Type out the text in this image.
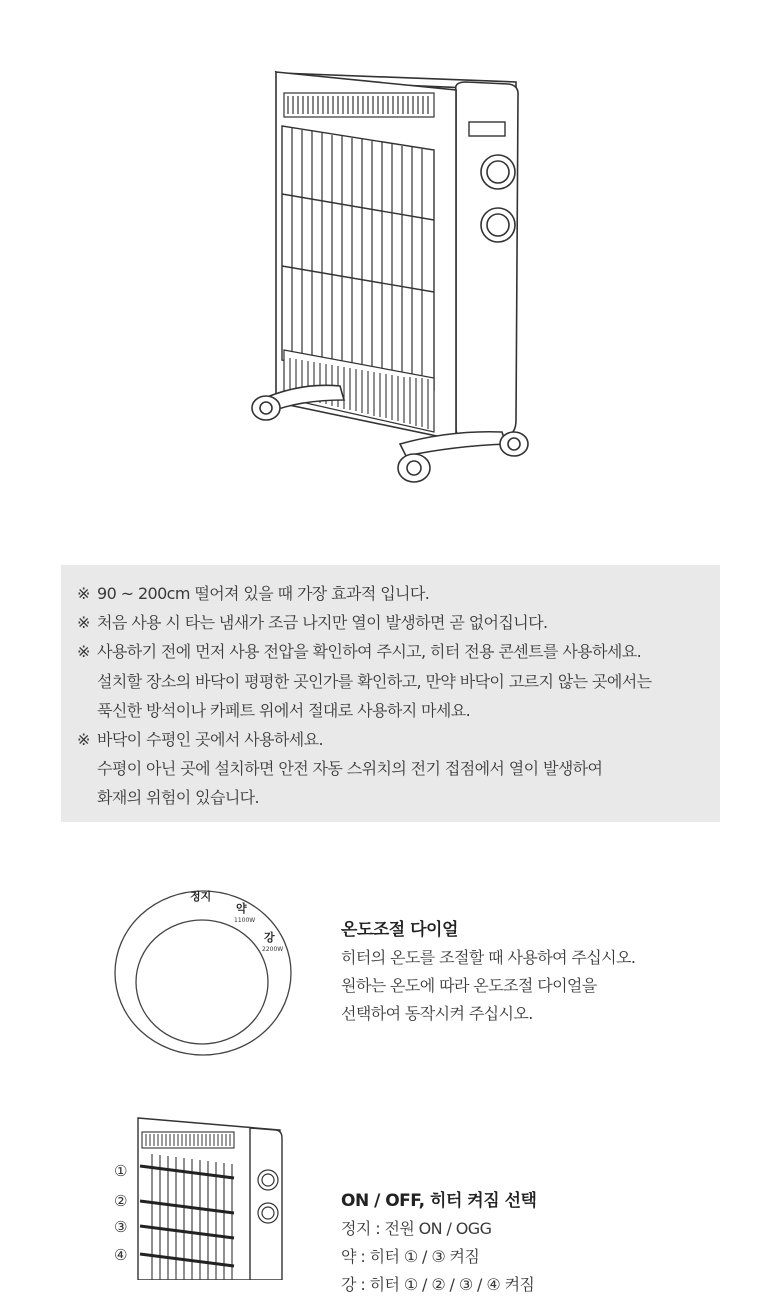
※ 90 ~ 200cm 떨어져 있을 때 가장 효과적 입니다.
※ 처음 사용 시 타는 냄새가 조금 나지만 열이 발생하면 곧 없어집니다.
※ 사용하기 전에 먼저 사용 전압을 확인하여 주시고, 히터 전용 콘센트를 사용하세요.
설치할 장소의 바닥이 평평한 곳인가를 확인하고, 만약 바닥이 고르지 않는 곳에서는
푹신한 방석이나 카페트 위에서 절대로 사용하지 마세요.
※ 바닥이 수평인 곳에서 사용하세요.
수평이 아닌 곳에 설치하면 안전 자동 스위치의 전기 접점에서 열이 발생하여
화재의 위험이 있습니다.
정지
약
1100W
강
2200W
온도조절 다이얼
히터의 온도를 조절할 때 사용하여 주십시오.
원하는 온도에 따라 온도조절 다이얼을
선택하여 동작시켜 주십시오.
①
②
③
④
ON / OFF, 히터 켜짐 선택
정지 : 전원 ON / OGG
약 : 히터 ① / ③ 켜짐
강 : 히터 ① / ② / ③ / ④ 켜짐
